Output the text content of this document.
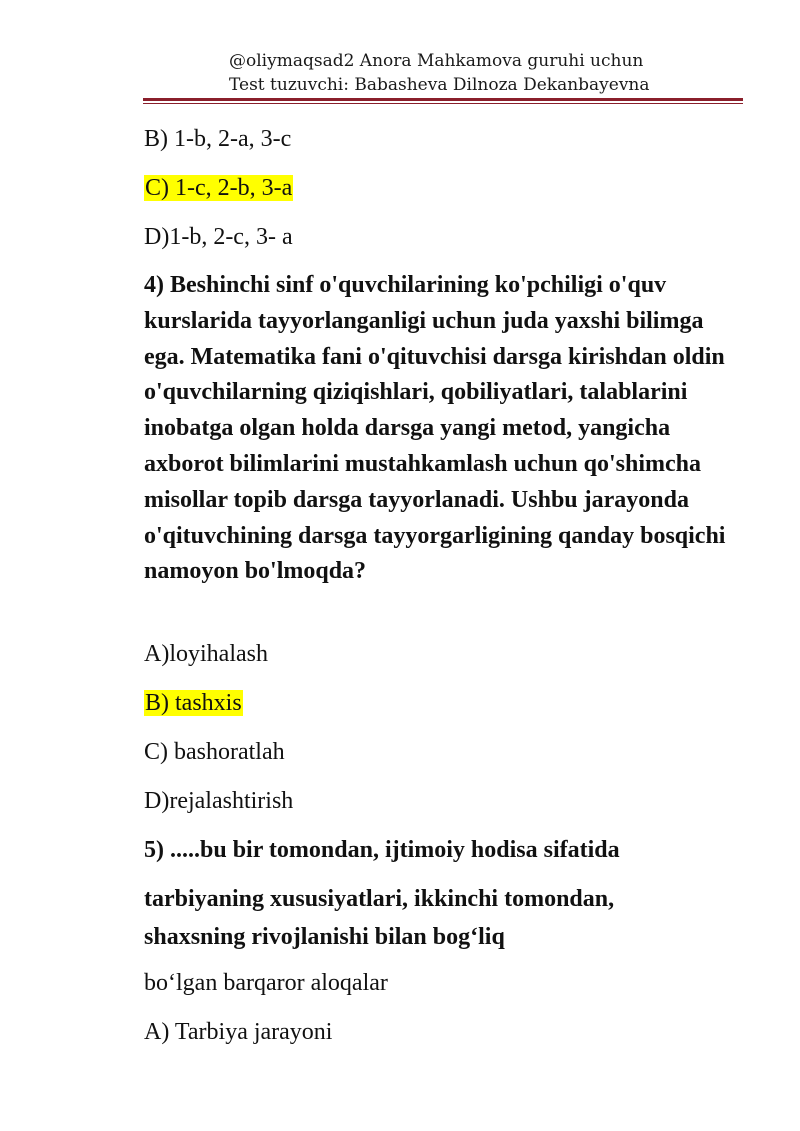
@oliymaqsad2 Anora Mahkamova guruhi uchun
Test tuzuvchi: Babasheva Dilnoza Dekanbayevna
B) 1-b, 2-a, 3-c
C) 1-c, 2-b, 3-a
D)1-b, 2-c, 3- a
4) Beshinchi sinf o'quvchilarining ko'pchiligi o'quv kurslarida tayyorlanganligi uchun juda yaxshi bilimga ega. Matematika fani o'qituvchisi darsga kirishdan oldin o'quvchilarning qiziqishlari, qobiliyatlari, talablarini inobatga olgan holda darsga yangi metod, yangicha axborot bilimlarini mustahkamlash uchun qo'shimcha misollar topib darsga tayyorlanadi. Ushbu jarayonda o'qituvchining darsga tayyorgarligining qanday bosqichi namoyon bo'lmoqda?
A)loyihalash
B) tashxis
C) bashoratlah
D)rejalashtirish
5) .....bu bir tomondan, ijtimoiy hodisa sifatida
tarbiyaning xususiyatlari, ikkinchi tomondan,
shaxsning rivojlanishi bilan bog‘liq
bo‘lgan barqaror aloqalar
A) Tarbiya jarayoni
